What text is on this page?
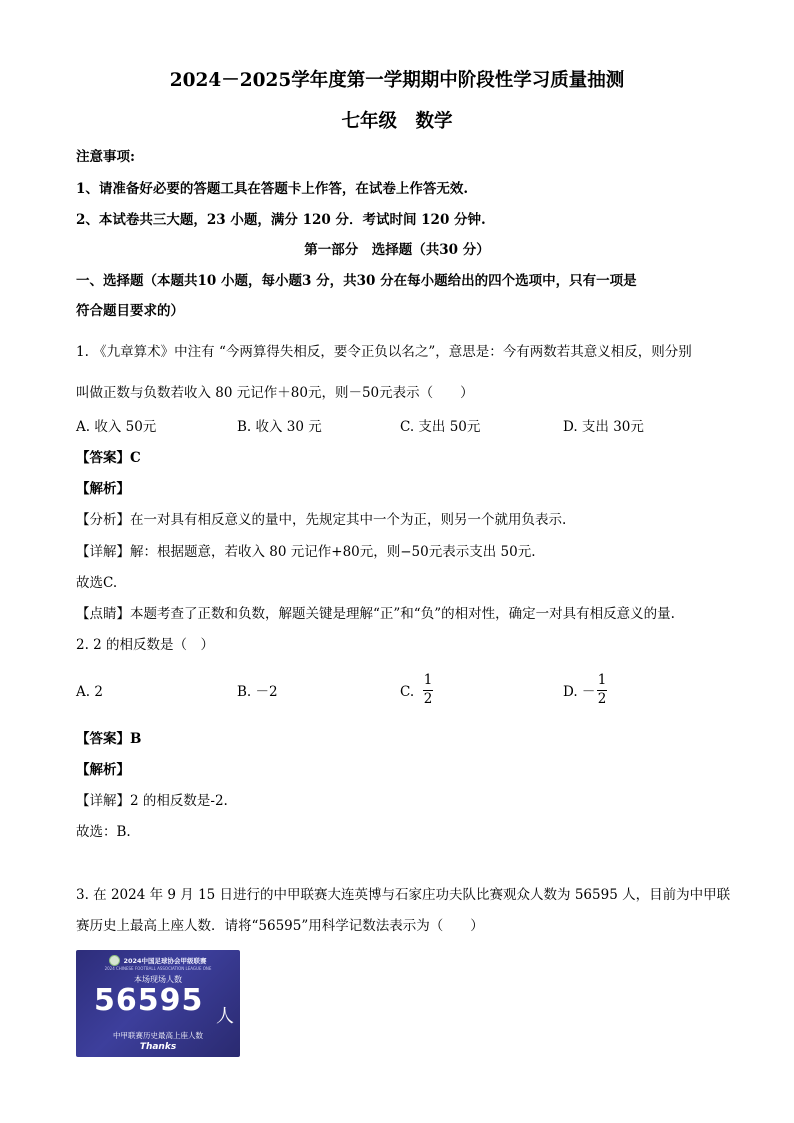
2024－2025学年度第一学期期中阶段性学习质量抽测
七年级　数学
注意事项:
1、请准备好必要的答题工具在答题卡上作答，在试卷上作答无效.
2、本试卷共三大题，23 小题，满分 120 分．考试时间 120 分钟.
第一部分　选择题（共30 分）
一、选择题（本题共10 小题，每小题3 分，共30 分在每小题给出的四个选项中，只有一项是
符合题目要求的）
1. 《九章算术》中注有 “今两算得失相反，要令正负以名之”，意思是：今有两数若其意义相反，则分别
叫做正数与负数若收入 80 元记作＋80元，则－50元表示（　　）
A. 收入 50元	B. 收入 30 元	C. 支出 50元	D. 支出 30元
【答案】C
【解析】
【分析】在一对具有相反意义的量中，先规定其中一个为正，则另一个就用负表示.
【详解】解：根据题意，若收入 80 元记作+80元，则−50元表示支出 50元.
故选C.
【点睛】本题考查了正数和负数，解题关键是理解“正”和“负”的相对性，确定一对具有相反意义的量.
2. 2 的相反数是（　）
A. 2	B. －2	C.
1
2	D. －
1
2
【答案】B
【解析】
【详解】2 的相反数是-2.
故选：B.
3. 在 2024 年 9 月 15 日进行的中甲联赛大连英博与石家庄功夫队比赛观众人数为 56595 人，目前为中甲联
赛历史上最高上座人数．请将“56595”用科学记数法表示为（　　）
2024中国足球协会甲级联赛
2024 CHINESE FOOTBALL ASSOCIATION LEAGUE ONE
本场现场人数
56595 人
中甲联赛历史最高上座人数
Thanks
